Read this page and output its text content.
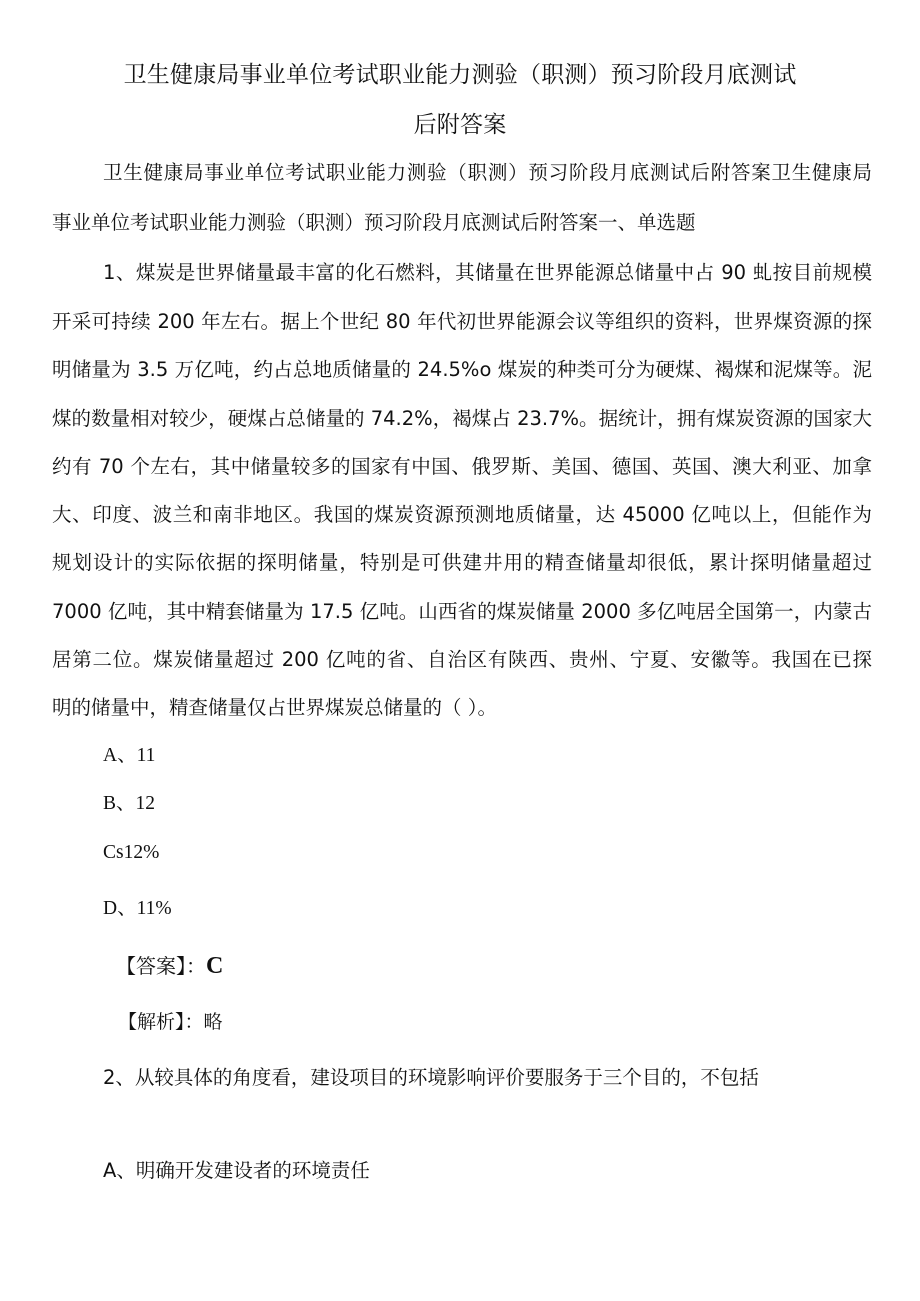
卫生健康局事业单位考试职业能力测验（职测）预习阶段月底测试
后附答案
卫生健康局事业单位考试职业能力测验（职测）预习阶段月底测试后附答案卫生健康局
事业单位考试职业能力测验（职测）预习阶段月底测试后附答案一、单选题
1、煤炭是世界储量最丰富的化石燃料，其储量在世界能源总储量中占 90 虬按目前规模
开采可持续 200 年左右。据上个世纪 80 年代初世界能源会议等组织的资料，世界煤资源的探
明储量为 3.5 万亿吨，约占总地质储量的 24.5%o 煤炭的种类可分为硬煤、褐煤和泥煤等。泥
煤的数量相对较少，硬煤占总储量的 74.2%，褐煤占 23.7%。据统计，拥有煤炭资源的国家大
约有 70 个左右，其中储量较多的国家有中国、俄罗斯、美国、德国、英国、澳大利亚、加拿
大、印度、波兰和南非地区。我国的煤炭资源预测地质储量，达 45000 亿吨以上，但能作为
规划设计的实际依据的探明储量，特别是可供建井用的精查储量却很低，累计探明储量超过
7000 亿吨，其中精套储量为 17.5 亿吨。山西省的煤炭储量 2000 多亿吨居全国第一，内蒙古
居第二位。煤炭储量超过 200 亿吨的省、自治区有陕西、贵州、宁夏、安徽等。我国在已探
明的储量中，精查储量仅占世界煤炭总储量的（ ）。
A、11
B、12
Cs12%
D、11%
【答案】：C
【解析】：略
2、从较具体的角度看，建设项目的环境影响评价要服务于三个目的，不包括
A、明确开发建设者的环境责任
